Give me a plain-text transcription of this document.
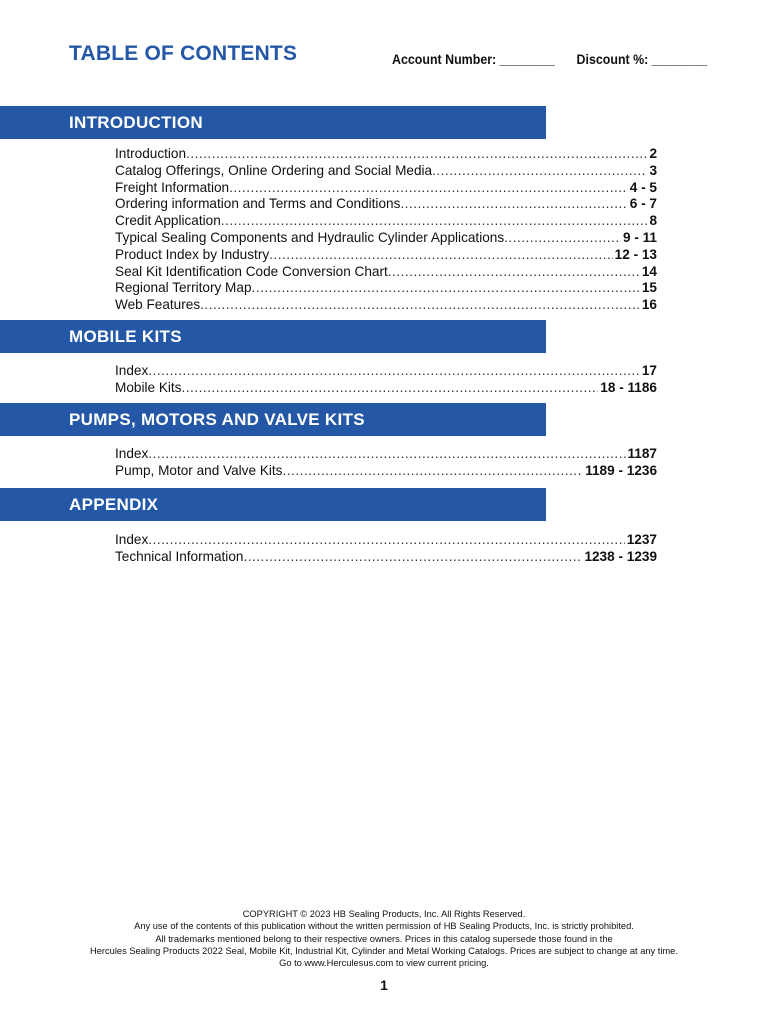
TABLE OF CONTENTS	Account Number: ________ Discount %: ________
INTRODUCTION
Introduction .....	2
Catalog Offerings, Online Ordering and Social Media .....	3
Freight Information .....	4 - 5
Ordering information and Terms and Conditions .....	6 - 7
Credit Application .....	8
Typical Sealing Components and Hydraulic Cylinder Applications .....	9 - 11
Product Index by Industry .....	12 - 13
Seal Kit Identification Code Conversion Chart .....	14
Regional Territory Map .....	15
Web Features .....	16
MOBILE KITS
Index .....	17
Mobile Kits .....	18 - 1186
PUMPS, MOTORS AND VALVE KITS
Index .....	1187
Pump, Motor and Valve Kits .....	1189 - 1236
APPENDIX
Index .....	1237
Technical Information .....	1238 - 1239
COPYRIGHT © 2023 HB Sealing Products, Inc. All Rights Reserved.
Any use of the contents of this publication without the written permission of HB Sealing Products, Inc. is strictly prohibited.
All trademarks mentioned belong to their respective owners. Prices in this catalog supersede those found in the
Hercules Sealing Products 2022 Seal, Mobile Kit, Industrial Kit, Cylinder and Metal Working Catalogs. Prices are subject to change at any time.
Go to www.Herculesus.com to view current pricing.
1
